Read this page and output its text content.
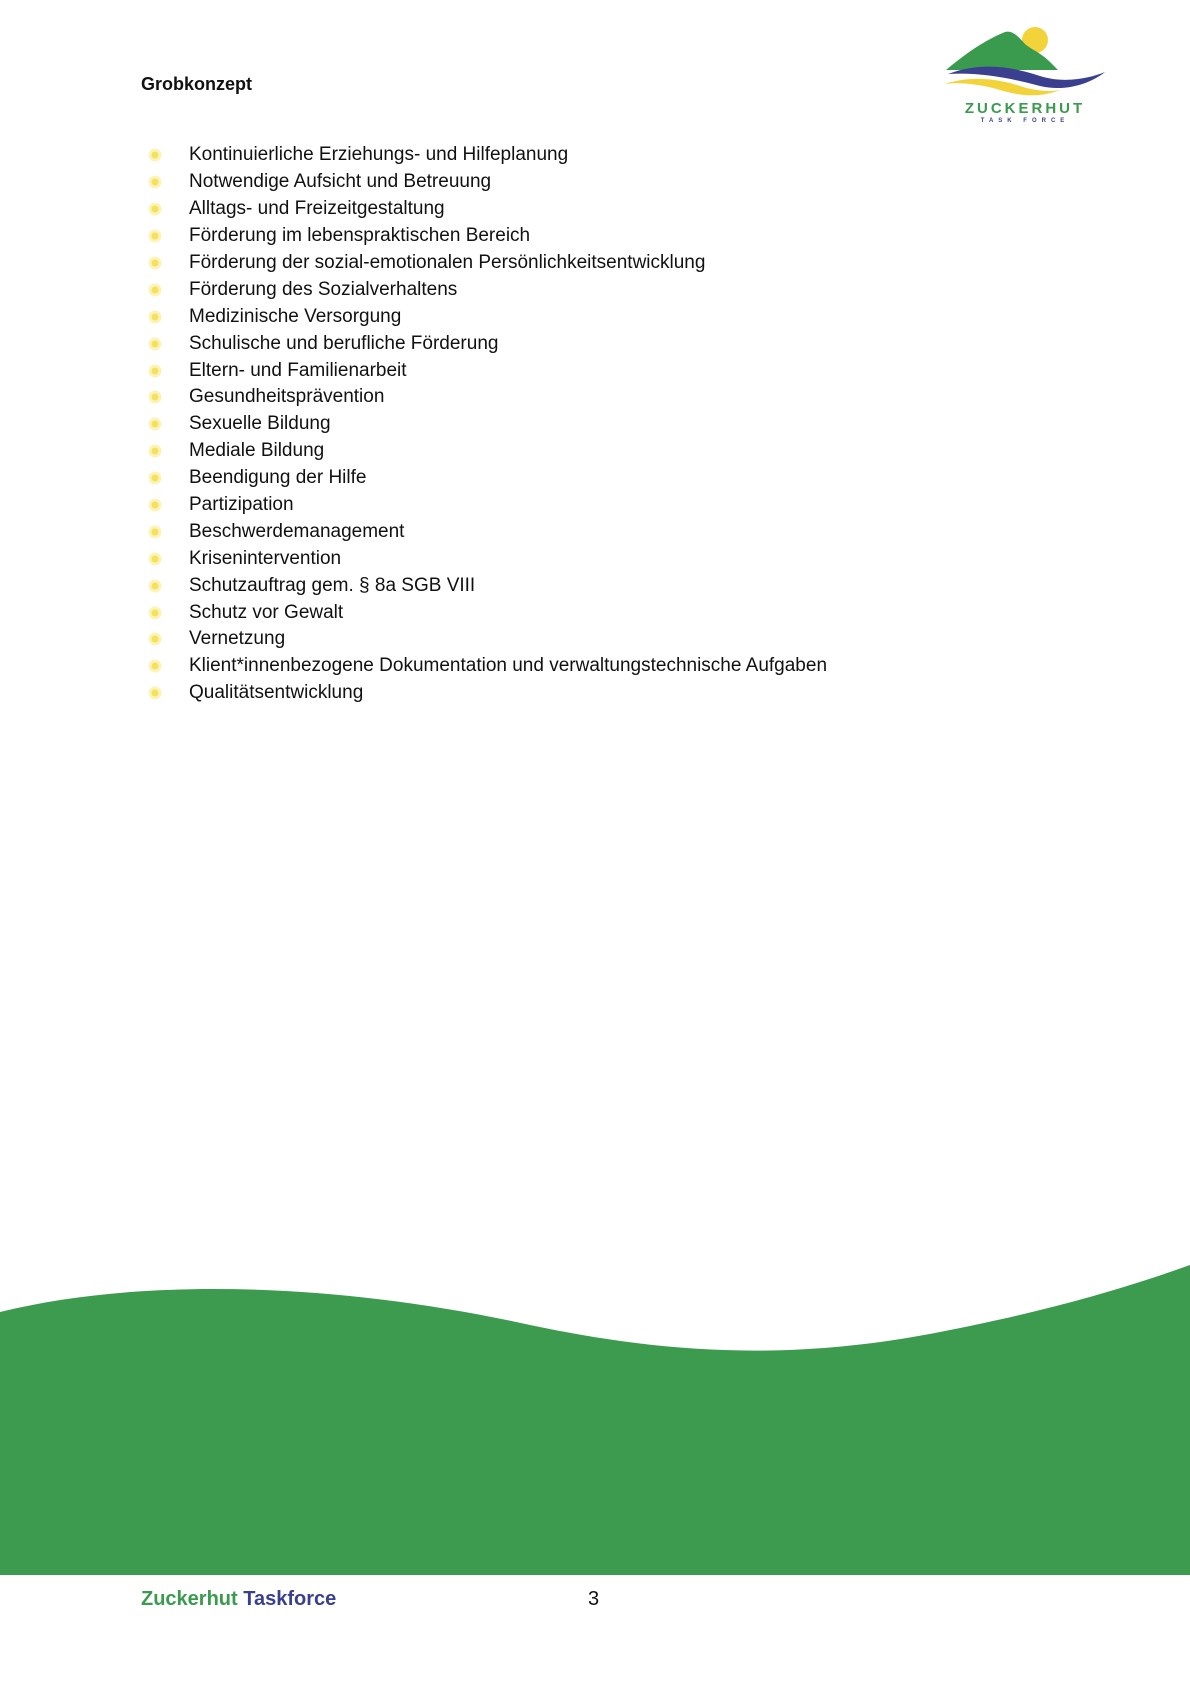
Grobkonzept
ZUCKERHUT
TASK FORCE
Kontinuierliche Erziehungs- und Hilfeplanung
Notwendige Aufsicht und Betreuung
Alltags- und Freizeitgestaltung
Förderung im lebenspraktischen Bereich
Förderung der sozial-emotionalen Persönlichkeitsentwicklung
Förderung des Sozialverhaltens
Medizinische Versorgung
Schulische und berufliche Förderung
Eltern- und Familienarbeit
Gesundheitsprävention
Sexuelle Bildung
Mediale Bildung
Beendigung der Hilfe
Partizipation
Beschwerdemanagement
Krisenintervention
Schutzauftrag gem. § 8a SGB VIII
Schutz vor Gewalt
Vernetzung
Klient*innenbezogene Dokumentation und verwaltungstechnische Aufgaben
Qualitätsentwicklung
Zuckerhut Taskforce	3
